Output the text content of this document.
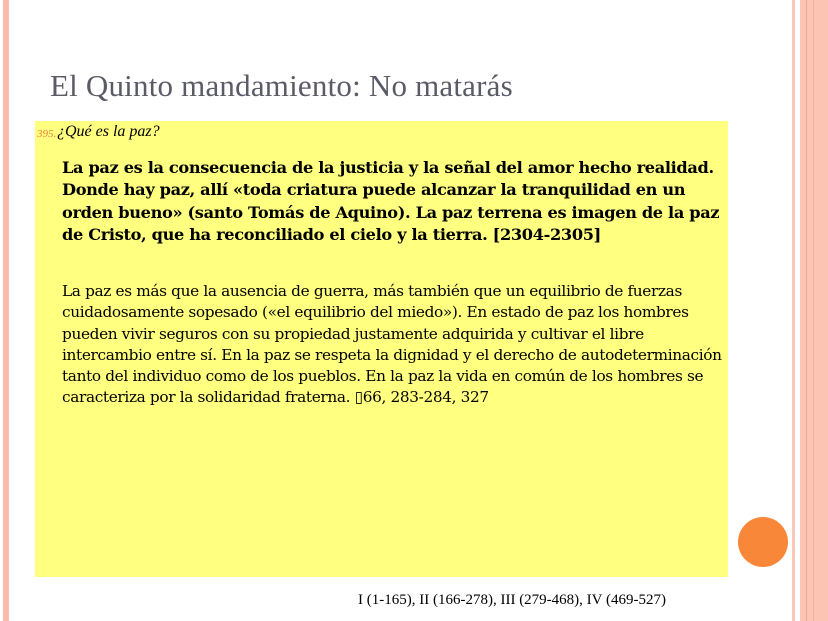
El Quinto mandamiento: No matarás
395. ¿Qué es la paz?
La paz es la consecuencia de la justicia y la señal del amor hecho realidad. Donde hay paz, allí «toda criatura puede alcanzar la tranquilidad en un orden bueno» (santo Tomás de Aquino). La paz terrena es imagen de la paz de Cristo, que ha reconciliado el cielo y la tierra. [2304-2305]
La paz es más que la ausencia de guerra, más también que un equilibrio de fuerzas cuidadosamente sopesado («el equilibrio del miedo»). En estado de paz los hombres pueden vivir seguros con su propiedad justamente adquirida y cultivar el libre intercambio entre sí. En la paz se respeta la dignidad y el derecho de autodeterminación tanto del individuo como de los pueblos. En la paz la vida en común de los hombres se caracteriza por la solidaridad fraterna. ▯66, 283-284, 327
I (1-165), II (166-278), III (279-468), IV (469-527)
